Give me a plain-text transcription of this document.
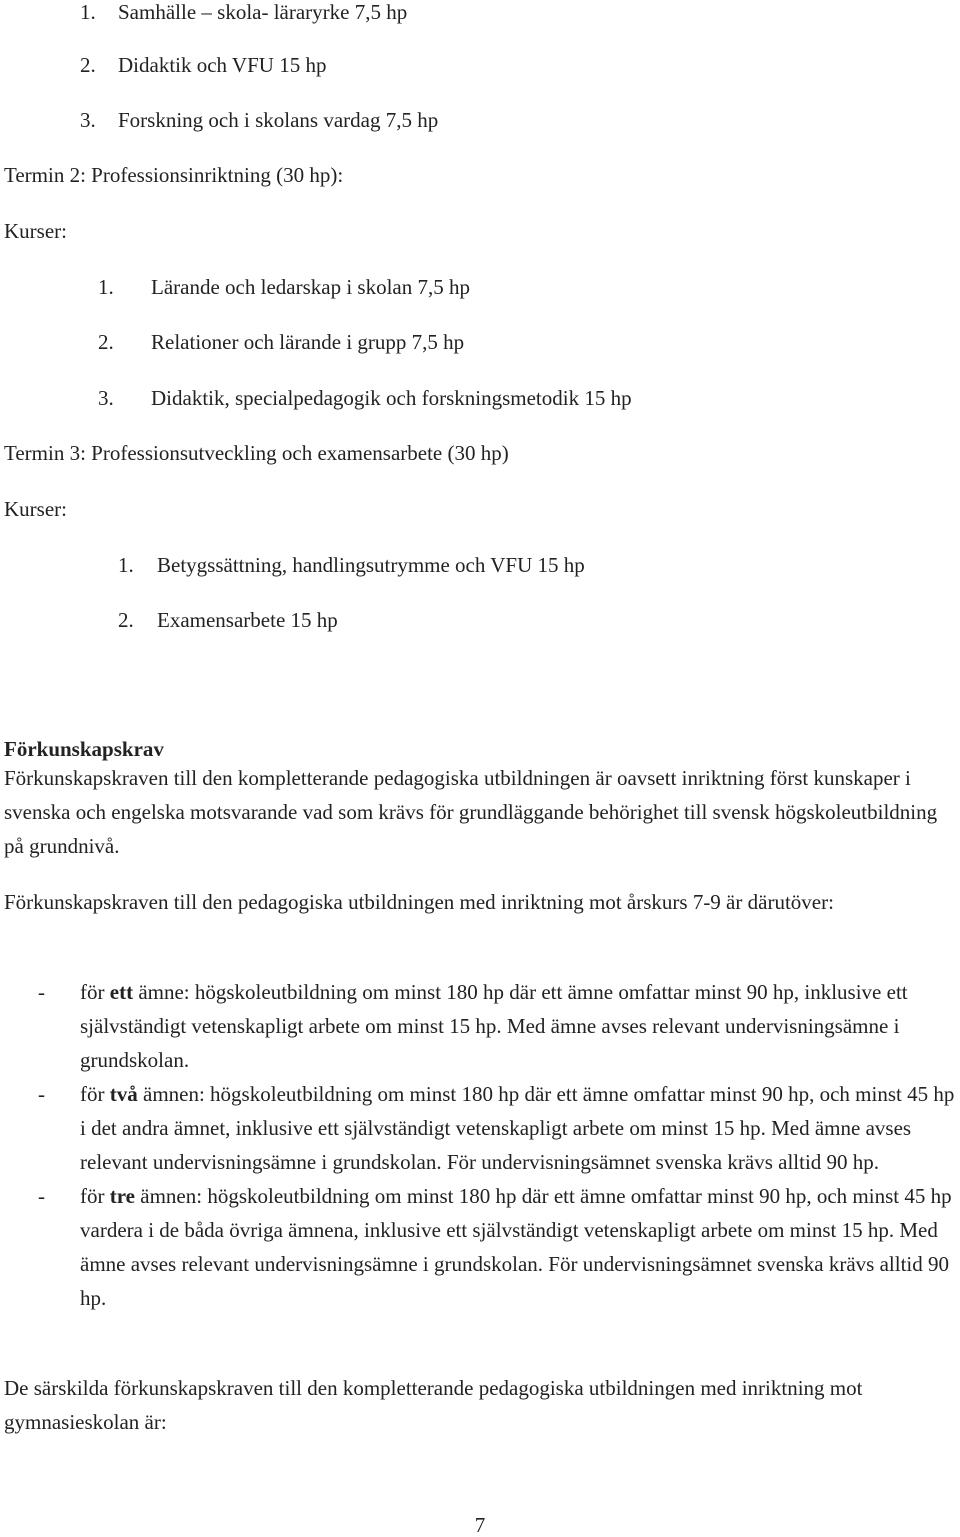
1. Samhälle – skola- läraryrke 7,5 hp
2. Didaktik och VFU 15 hp
3. Forskning och i skolans vardag 7,5 hp
Termin 2: Professionsinriktning (30 hp):
Kurser:
1. Lärande och ledarskap i skolan 7,5 hp
2. Relationer och lärande i grupp 7,5 hp
3. Didaktik, specialpedagogik och forskningsmetodik 15 hp
Termin 3: Professionsutveckling och examensarbete (30 hp)
Kurser:
1. Betygssättning, handlingsutrymme och VFU 15 hp
2. Examensarbete 15 hp
Förkunskapskrav

Förkunskapskraven till den kompletterande pedagogiska utbildningen är oavsett inriktning först kunskaper i svenska och engelska motsvarande vad som krävs för grundläggande behörighet till svensk högskoleutbildning på grundnivå.

Förkunskapskraven till den pedagogiska utbildningen med inriktning mot årskurs 7-9 är därutöver:

- för ett ämne: högskoleutbildning om minst 180 hp där ett ämne omfattar minst 90 hp, inklusive ett självständigt vetenskapligt arbete om minst 15 hp. Med ämne avses relevant undervisningsämne i grundskolan.
- för två ämnen: högskoleutbildning om minst 180 hp där ett ämne omfattar minst 90 hp, och minst 45 hp i det andra ämnet, inklusive ett självständigt vetenskapligt arbete om minst 15 hp. Med ämne avses relevant undervisningsämne i grundskolan. För undervisningsämnet svenska krävs alltid 90 hp.
- för tre ämnen: högskoleutbildning om minst 180 hp där ett ämne omfattar minst 90 hp, och minst 45 hp vardera i de båda övriga ämnena, inklusive ett självständigt vetenskapligt arbete om minst 15 hp. Med ämne avses relevant undervisningsämne i grundskolan. För undervisningsämnet svenska krävs alltid 90 hp.

De särskilda förkunskapskraven till den kompletterande pedagogiska utbildningen med inriktning mot gymnasieskolan är:

7
